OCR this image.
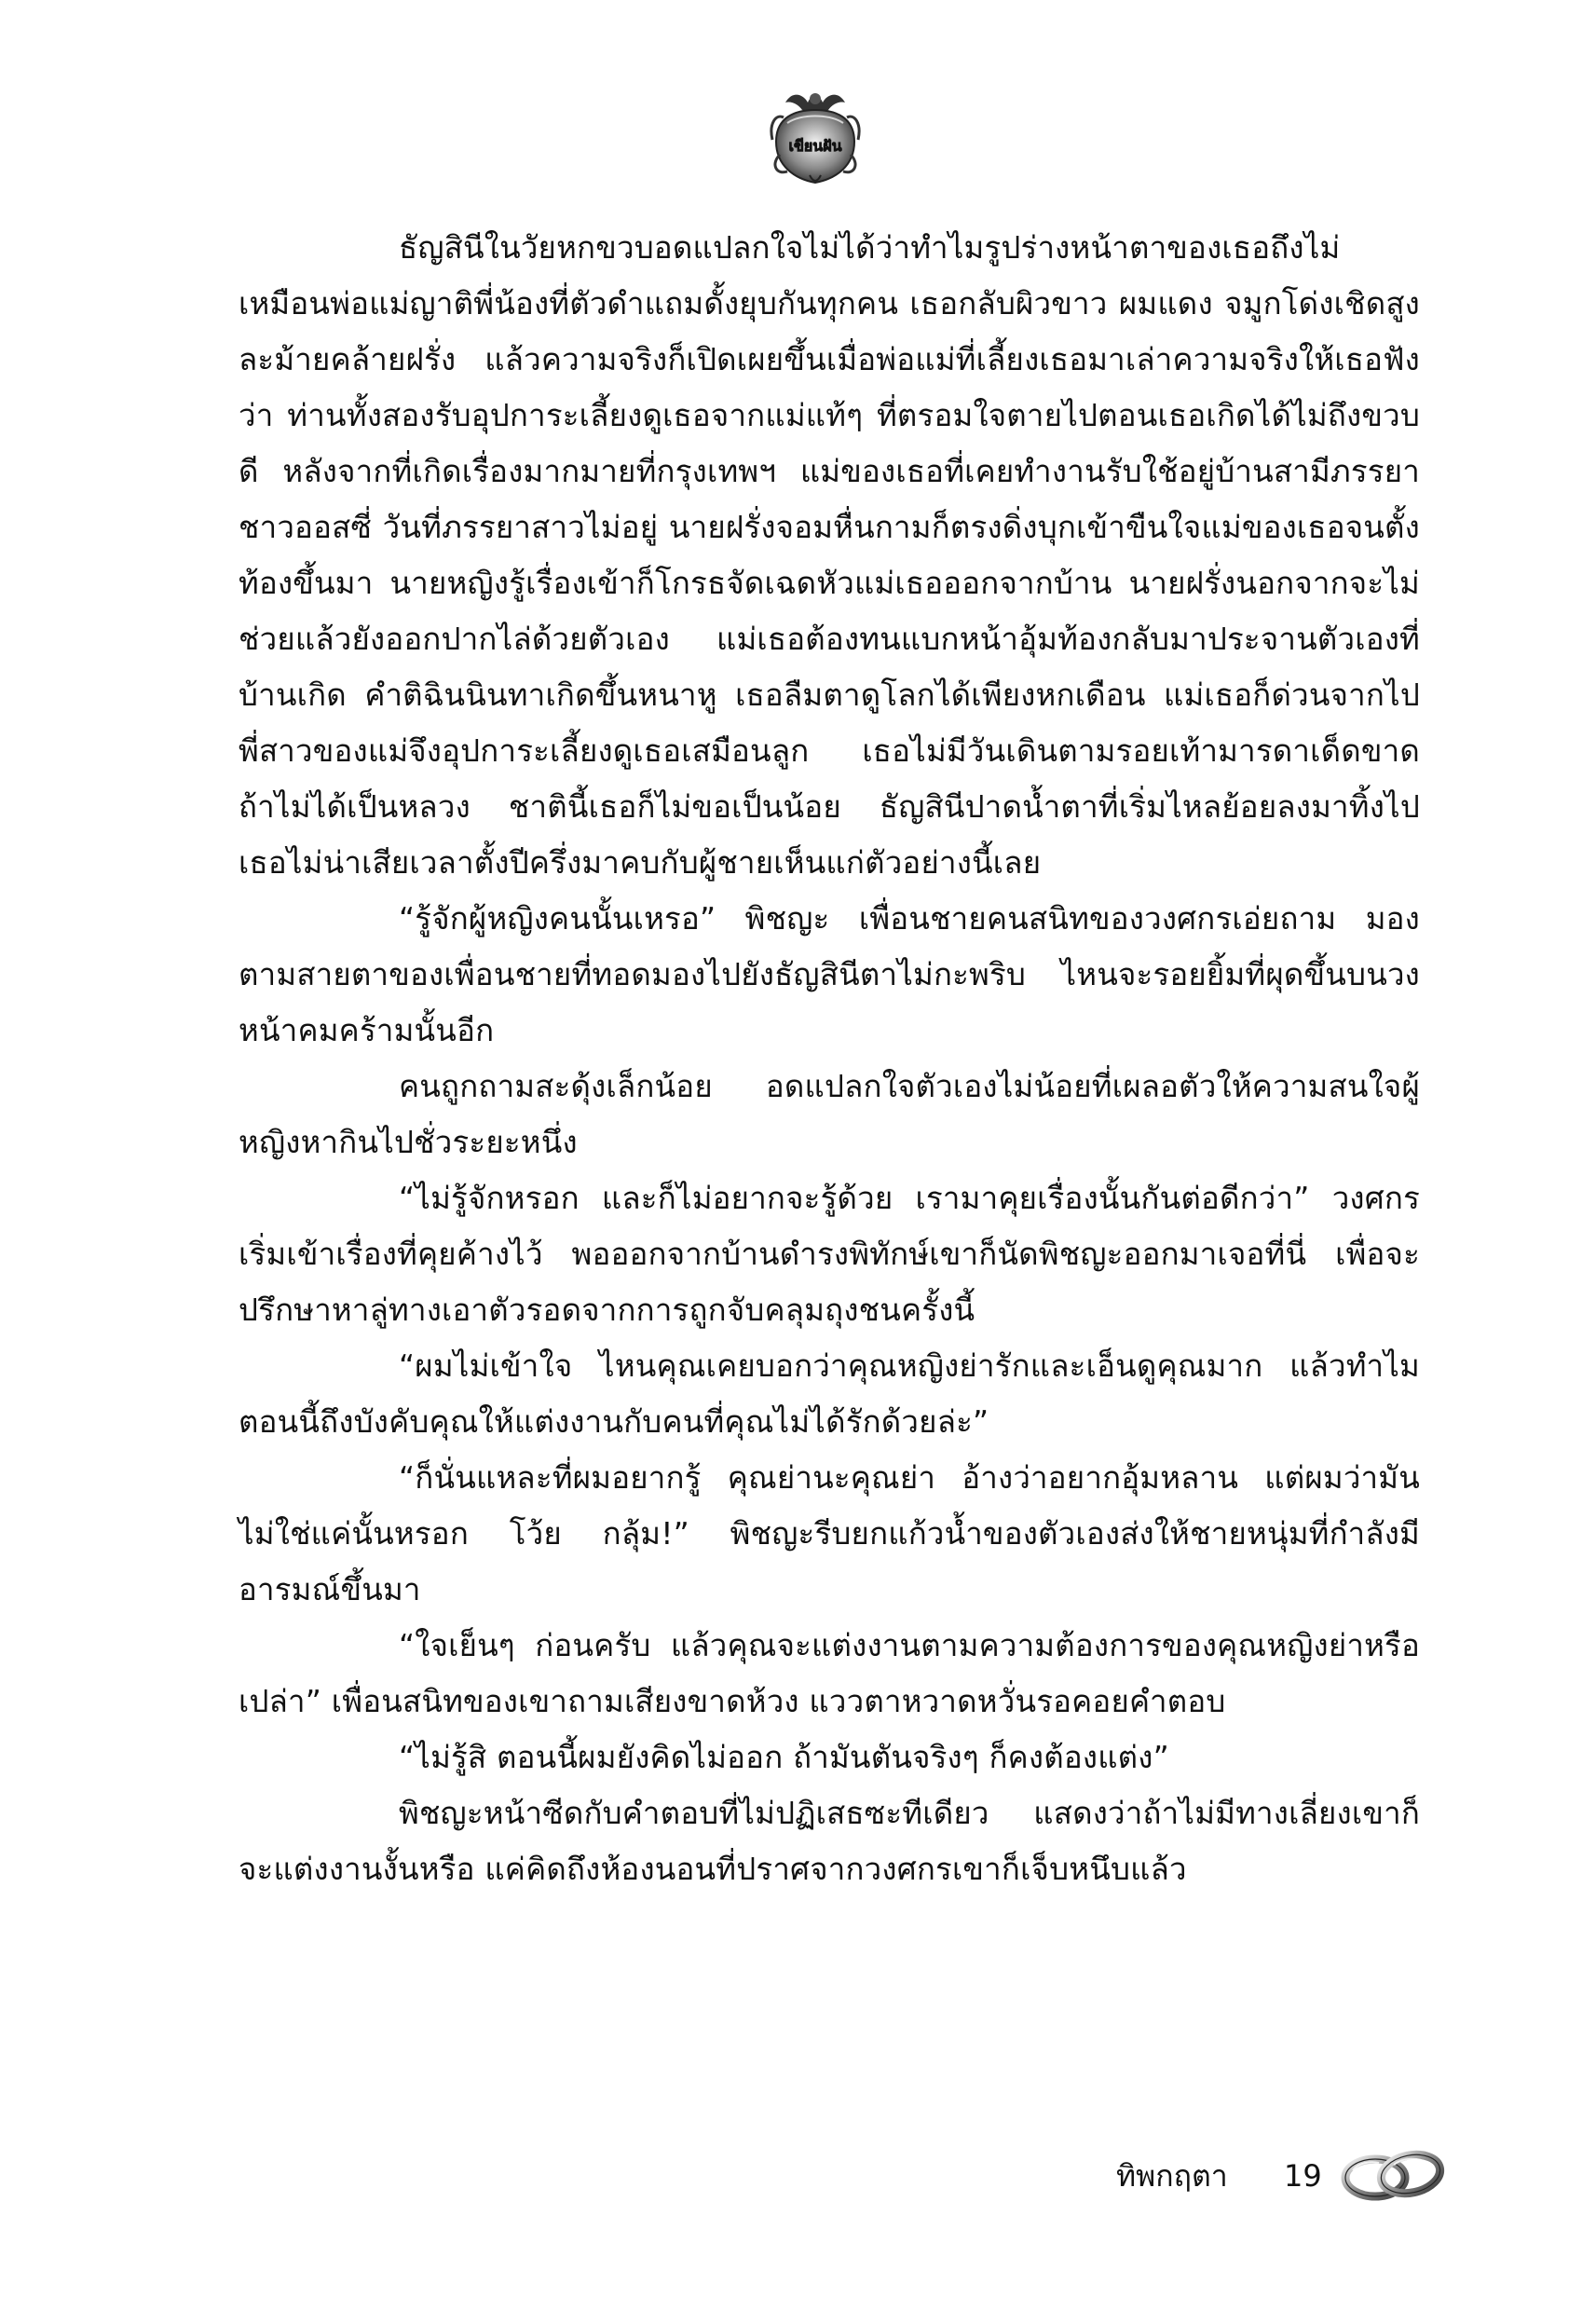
เขียนฝัน

ธัญสินีในวัยหกขวบอดแปลกใจไม่ได้ว่าทำไมรูปร่างหน้าตาของเธอถึงไม่เหมือนพ่อแม่ญาติพี่น้องที่ตัวดำแถมดั้งยุบกันทุกคน เธอกลับผิวขาว ผมแดง จมูกโด่งเชิดสูงละม้ายคล้ายฝรั่ง แล้วความจริงก็เปิดเผยขึ้นเมื่อพ่อแม่ที่เลี้ยงเธอมาเล่าความจริงให้เธอฟังว่า ท่านทั้งสองรับอุปการะเลี้ยงดูเธอจากแม่แท้ๆ ที่ตรอมใจตายไปตอนเธอเกิดได้ไม่ถึงขวบดี หลังจากที่เกิดเรื่องมากมายที่กรุงเทพฯ แม่ของเธอที่เคยทำงานรับใช้อยู่บ้านสามีภรรยาชาวออสซี่ วันที่ภรรยาสาวไม่อยู่ นายฝรั่งจอมหื่นกามก็ตรงดิ่งบุกเข้าขืนใจแม่ของเธอจนตั้งท้องขึ้นมา นายหญิงรู้เรื่องเข้าก็โกรธจัดเฉดหัวแม่เธอออกจากบ้าน นายฝรั่งนอกจากจะไม่ช่วยแล้วยังออกปากไล่ด้วยตัวเอง แม่เธอต้องทนแบกหน้าอุ้มท้องกลับมาประจานตัวเองที่บ้านเกิด คำติฉินนินทาเกิดขึ้นหนาหู เธอลืมตาดูโลกได้เพียงหกเดือน แม่เธอก็ด่วนจากไป พี่สาวของแม่จึงอุปการะเลี้ยงดูเธอเสมือนลูก เธอไม่มีวันเดินตามรอยเท้ามารดาเด็ดขาด ถ้าไม่ได้เป็นหลวง ชาตินี้เธอก็ไม่ขอเป็นน้อย ธัญสินีปาดน้ำตาที่เริ่มไหลย้อยลงมาทิ้งไป เธอไม่น่าเสียเวลาตั้งปีครึ่งมาคบกับผู้ชายเห็นแก่ตัวอย่างนี้เลย

“รู้จักผู้หญิงคนนั้นเหรอ” พิชญะ เพื่อนชายคนสนิทของวงศกรเอ่ยถาม มองตามสายตาของเพื่อนชายที่ทอดมองไปยังธัญสินีตาไม่กะพริบ ไหนจะรอยยิ้มที่ผุดขึ้นบนวงหน้าคมคร้ามนั้นอีก

คนถูกถามสะดุ้งเล็กน้อย อดแปลกใจตัวเองไม่น้อยที่เผลอตัวให้ความสนใจผู้หญิงหากินไปชั่วระยะหนึ่ง

“ไม่รู้จักหรอก และก็ไม่อยากจะรู้ด้วย เรามาคุยเรื่องนั้นกันต่อดีกว่า” วงศกรเริ่มเข้าเรื่องที่คุยค้างไว้ พอออกจากบ้านดำรงพิทักษ์เขาก็นัดพิชญะออกมาเจอที่นี่ เพื่อจะปรึกษาหาลู่ทางเอาตัวรอดจากการถูกจับคลุมถุงชนครั้งนี้

“ผมไม่เข้าใจ ไหนคุณเคยบอกว่าคุณหญิงย่ารักและเอ็นดูคุณมาก แล้วทำไมตอนนี้ถึงบังคับคุณให้แต่งงานกับคนที่คุณไม่ได้รักด้วยล่ะ”

“ก็นั่นแหละที่ผมอยากรู้ คุณย่านะคุณย่า อ้างว่าอยากอุ้มหลาน แต่ผมว่ามันไม่ใช่แค่นั้นหรอก โว้ย กลุ้ม!” พิชญะรีบยกแก้วน้ำของตัวเองส่งให้ชายหนุ่มที่กำลังมีอารมณ์ขึ้นมา

“ใจเย็นๆ ก่อนครับ แล้วคุณจะแต่งงานตามความต้องการของคุณหญิงย่าหรือเปล่า” เพื่อนสนิทของเขาถามเสียงขาดห้วง แววตาหวาดหวั่นรอคอยคำตอบ

“ไม่รู้สิ ตอนนี้ผมยังคิดไม่ออก ถ้ามันตันจริงๆ ก็คงต้องแต่ง”

พิชญะหน้าซีดกับคำตอบที่ไม่ปฏิเสธซะทีเดียว แสดงว่าถ้าไม่มีทางเลี่ยงเขาก็จะแต่งงานงั้นหรือ แค่คิดถึงห้องนอนที่ปราศจากวงศกรเขาก็เจ็บหนึบแล้ว

ทิพกฤตา 19
